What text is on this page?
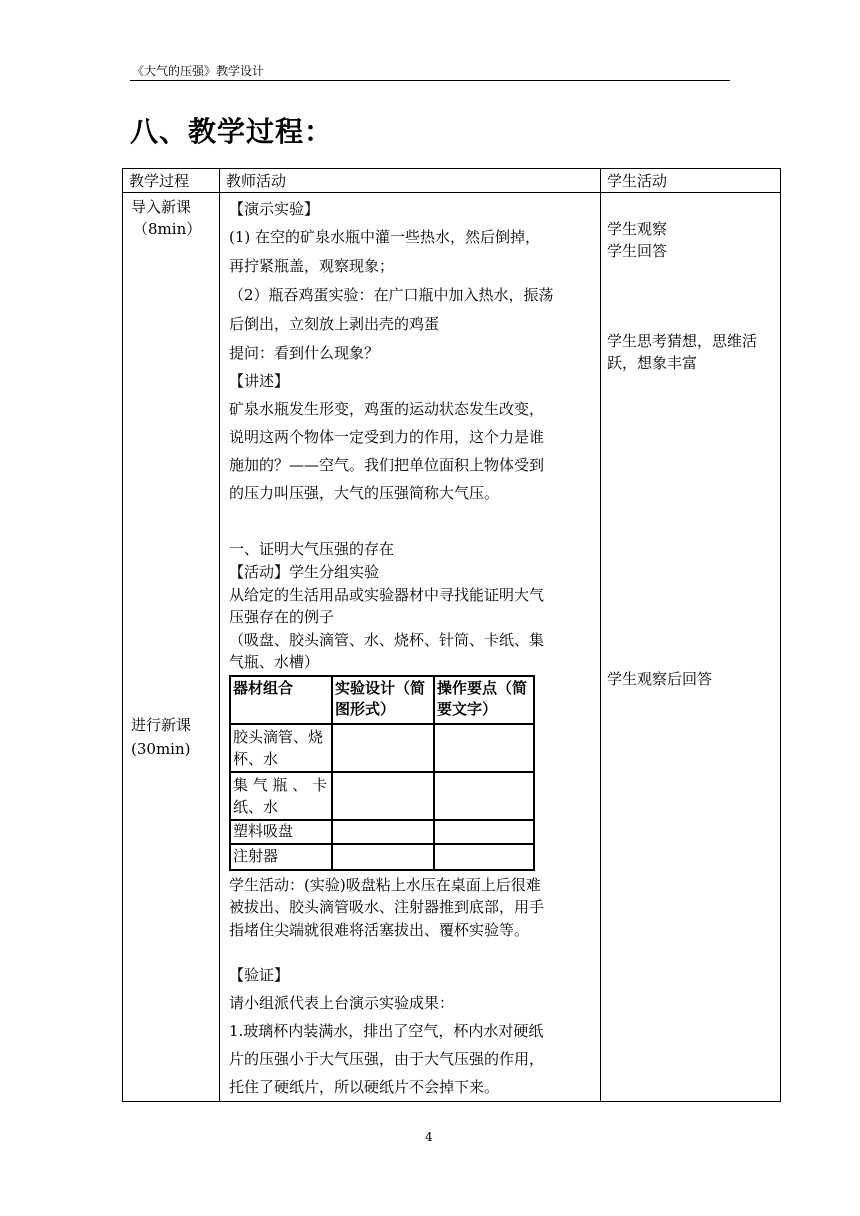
《大气的压强》教学设计
八、教学过程：
教学过程 教师活动	学生活动
导入新课
（8min）
进行新课
(30min)
【演示实验】
(1) 在空的矿泉水瓶中灌一些热水，然后倒掉，
再拧紧瓶盖，观察现象；
（2）瓶吞鸡蛋实验：在广口瓶中加入热水，振荡
后倒出，立刻放上剥出壳的鸡蛋
提问：看到什么现象？
【讲述】
矿泉水瓶发生形变，鸡蛋的运动状态发生改变，
说明这两个物体一定受到力的作用，这个力是谁
施加的？——空气。我们把单位面积上物体受到
的压力叫压强，大气的压强简称大气压。
一、证明大气压强的存在
【活动】学生分组实验
从给定的生活用品或实验器材中寻找能证明大气
压强存在的例子
（吸盘、胶头滴管、水、烧杯、针筒、卡纸、集
气瓶、水槽）
器材组合	实验设计（简
图形式）
操作要点（简
要文字）
胶头滴管、烧
杯、水
集 气 瓶 、 卡
纸、水
塑料吸盘
注射器
学生活动：(实验)吸盘粘上水压在桌面上后很难
被拔出、胶头滴管吸水、注射器推到底部，用手
指堵住尖端就很难将活塞拔出、覆杯实验等。
【验证】
请小组派代表上台演示实验成果：
1.玻璃杯内装满水，排出了空气，杯内水对硬纸
片的压强小于大气压强，由于大气压强的作用，
托住了硬纸片，所以硬纸片不会掉下来。
学生观察
学生回答
学生思考猜想，思维活
跃，想象丰富
学生观察后回答
4
